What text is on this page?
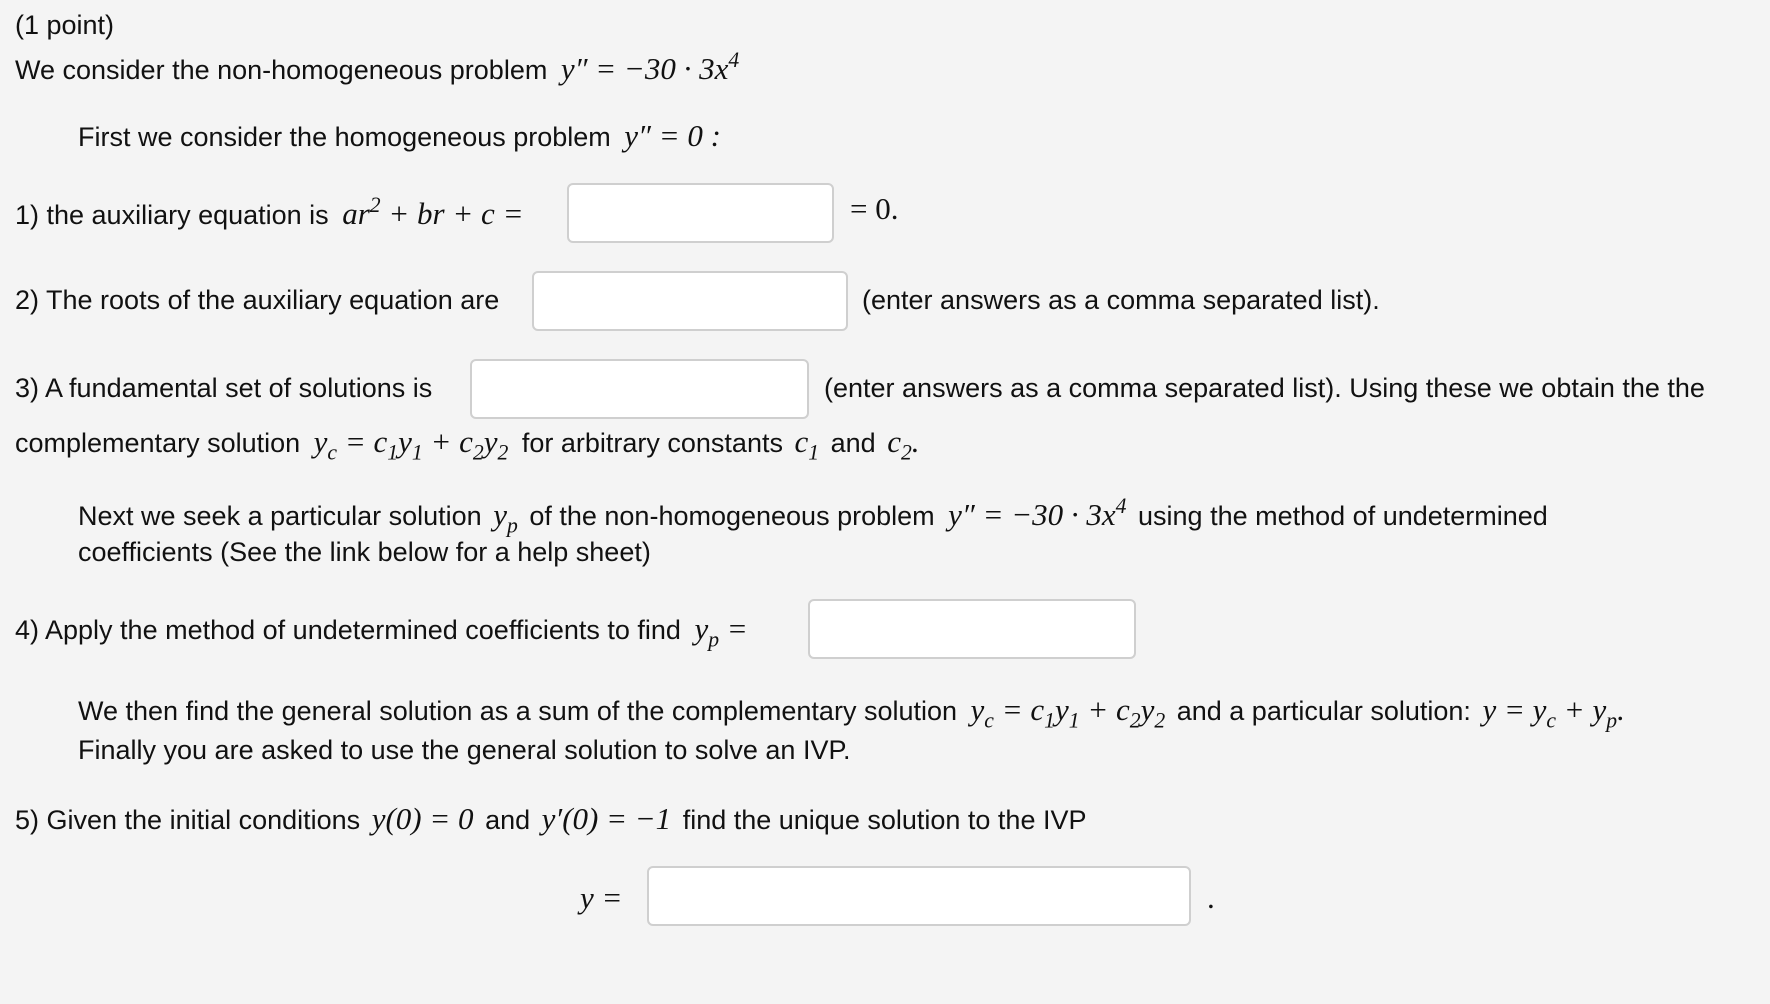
(1 point)
We consider the non-homogeneous problem $y'' = -30 \cdot 3x^4$
First we consider the homogeneous problem y″ = 0 :
1) the auxiliary equation is $ar^2$ + br + c =	= 0.
2) The roots of the auxiliary equation are	(enter answers as a comma separated list).
3) A fundamental set of solutions is	(enter answers as a comma separated list). Using these we obtain the the
complementary solution $y_c = c_1y_1 + c_2y_2$ for arbitrary constants $c_1$ and $c_2$.
Next we seek a particular solution $y_p$ of the non-homogeneous problem $y'' = -30 \cdot 3x^4$ using the method of undetermined
coefficients (See the link below for a help sheet)
4) Apply the method of undetermined coefficients to find $y_p$ =
We then find the general solution as a sum of the complementary solution $y_c = c_1y_1 + c_2y_2$ and a particular solution: $y = y_c + y_p$.
Finally you are asked to use the general solution to solve an IVP.
5) Given the initial conditions y(0) = 0 and y′(0) = −1 find the unique solution to the IVP
y =	.
